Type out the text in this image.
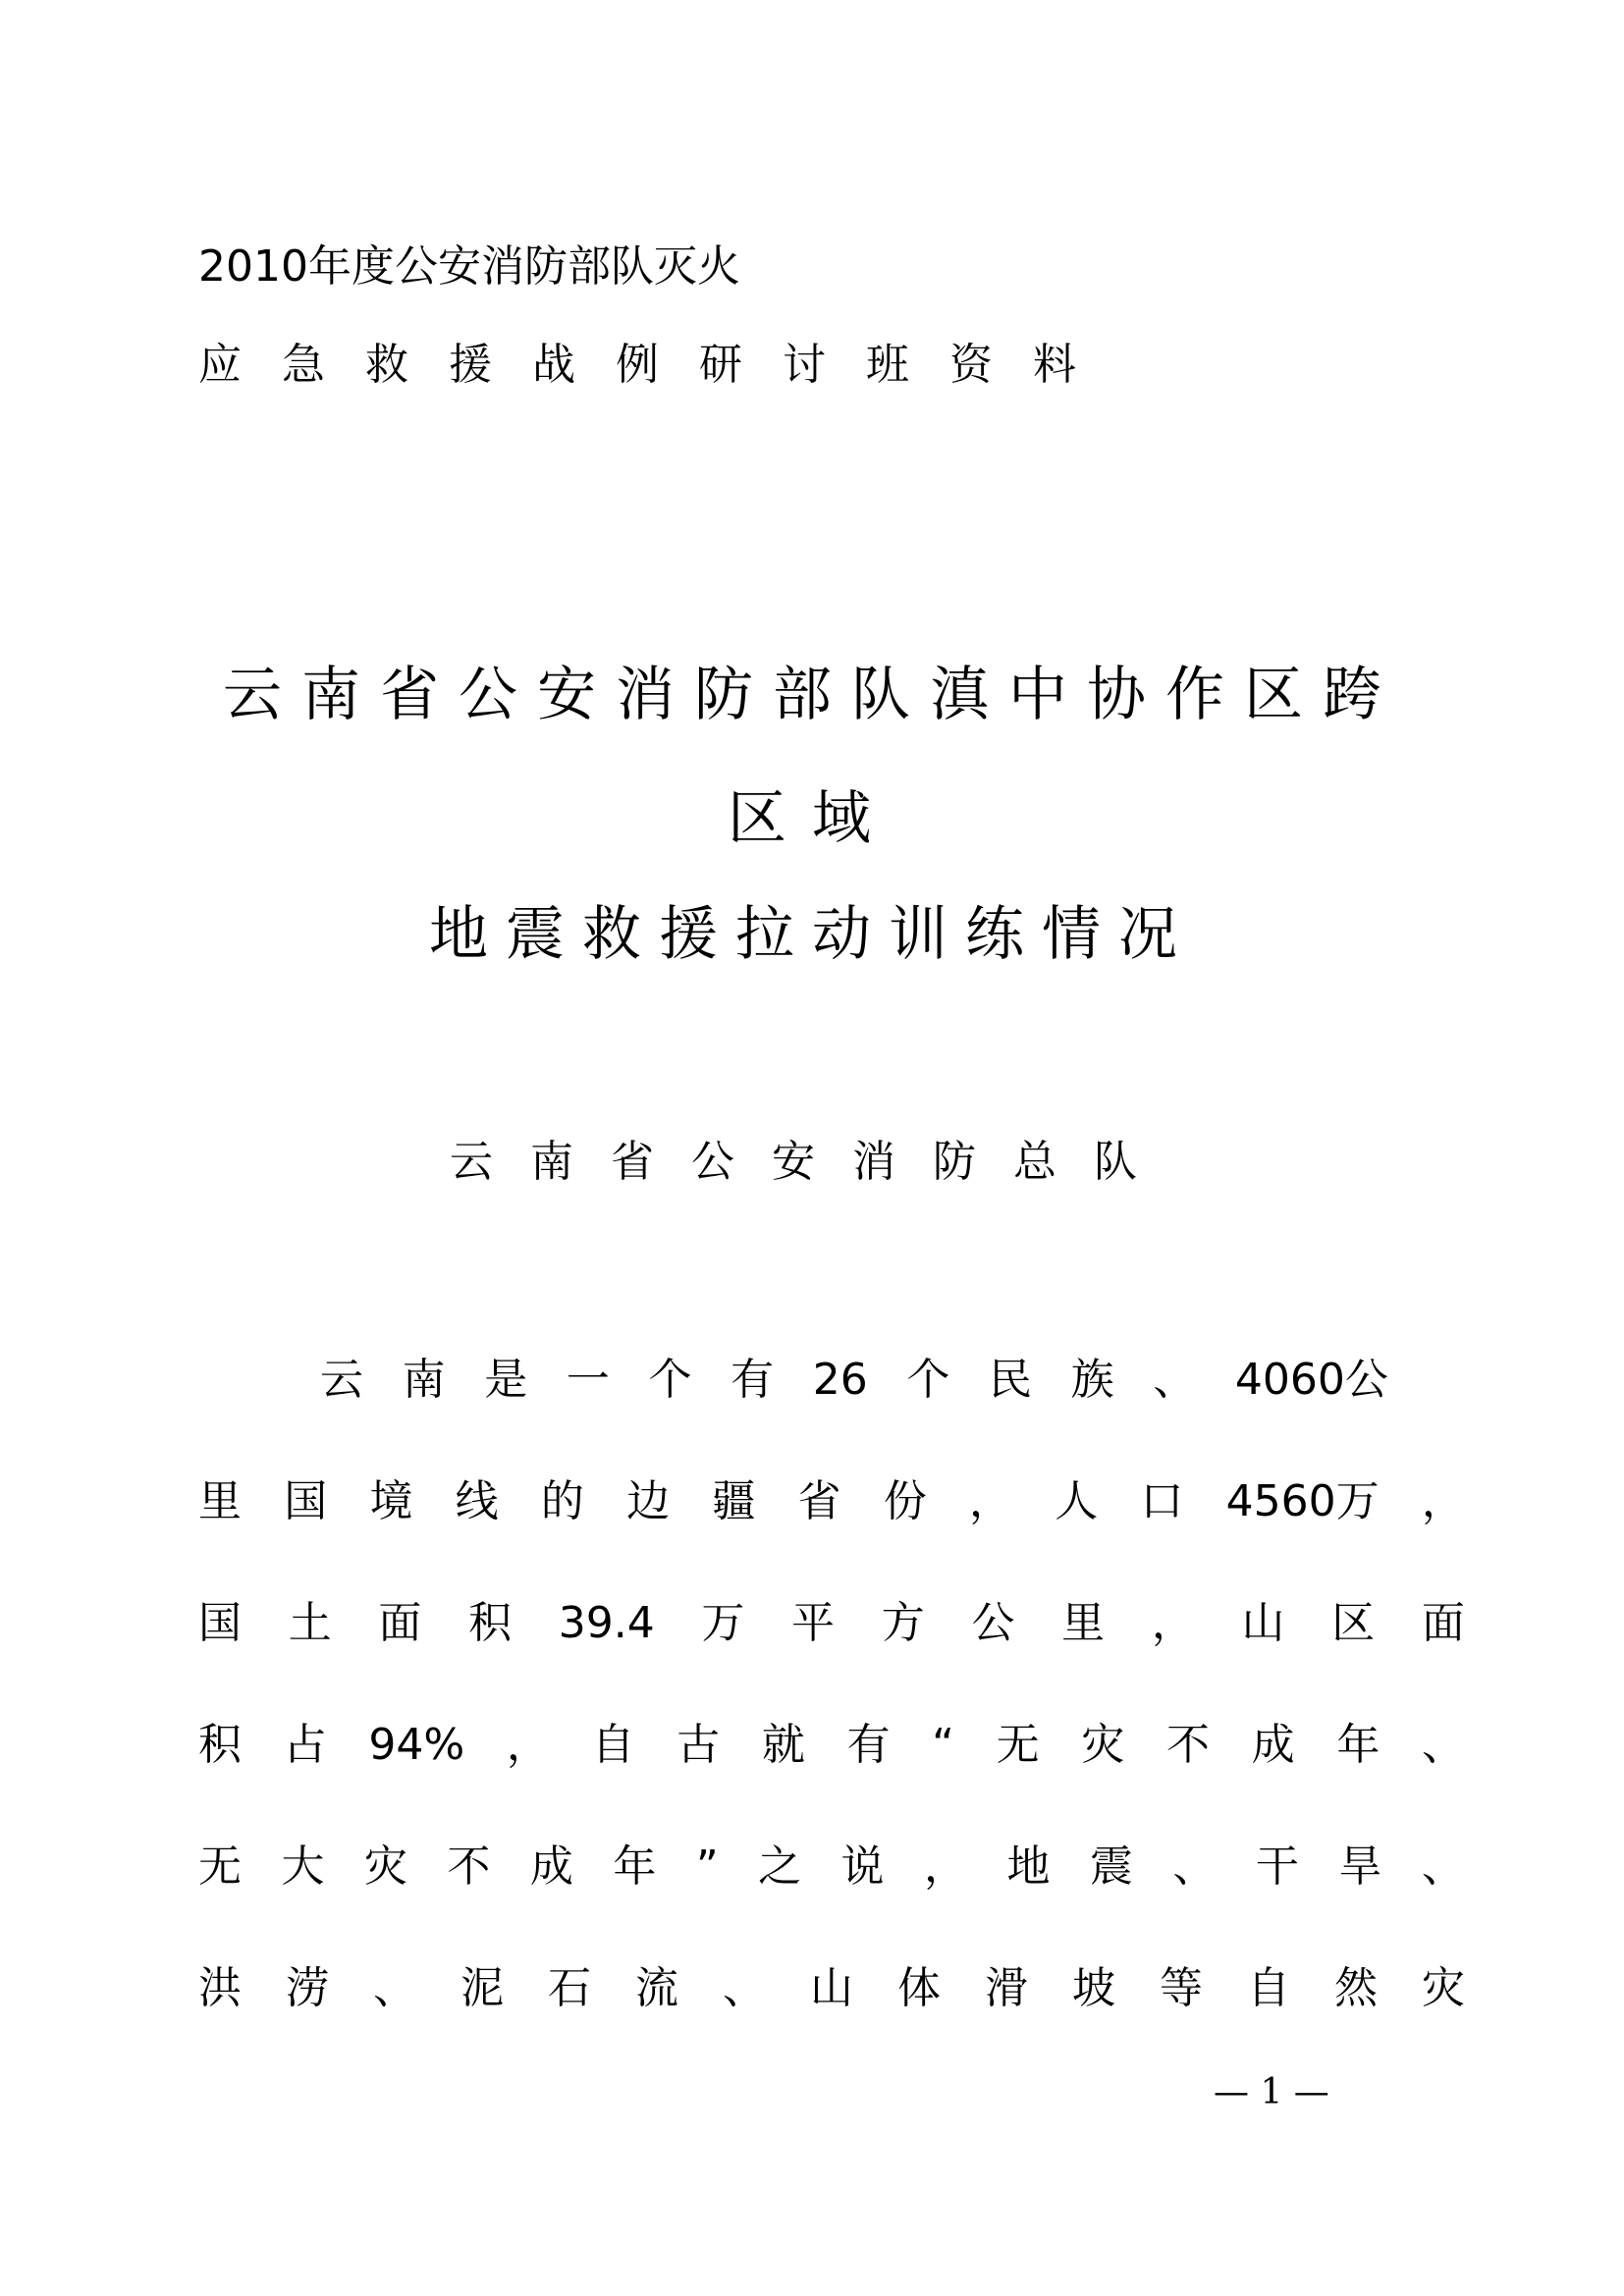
2010年度公安消防部队灭火
应急救援战例研讨班资料
云南省公安消防部队滇中协作区跨
区域
地震救援拉动训练情况
云南省公安消防总队
云 南 是 一 个 有 26 个 民 族 、 4060公
里 国 境 线 的 边 疆 省 份 ， 人 口 4560万 ，
国 土 面 积 39.4 万 平 方 公 里 ， 山 区 面
积 占 94% ， 自 古 就 有 “ 无 灾 不 成 年 、
无 大 灾 不 成 年 ” 之 说 ， 地 震 、 干 旱 、
洪 涝 、 泥 石 流 、 山 体 滑 坡 等 自 然 灾
— 1 —
